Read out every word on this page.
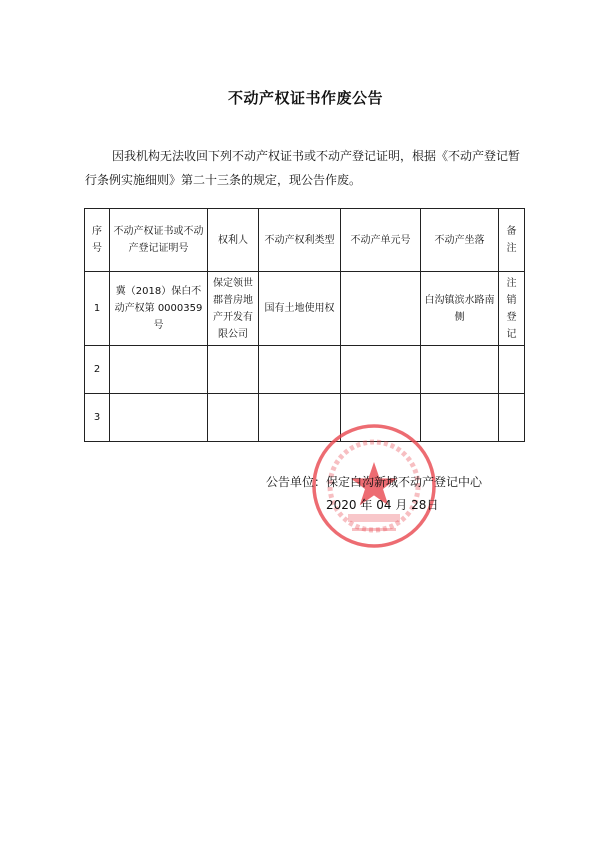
不动产权证书作废公告
因我机构无法收回下列不动产权证书或不动产登记证明，根据《不动产登记暂行条例实施细则》第二十三条的规定，现公告作废。
序号	不动产权证书或不动产登记证明号	权利人	不动产权利类型	不动产单元号	不动产坐落	备注
1	冀（2018）保白不动产权第 0000359 号	保定领世郡普房地产开发有限公司	国有土地使用权		白沟镇滨水路南侧	注销登记
2						
3						
公告单位：保定白沟新城不动产登记中心
2020 年 04 月 28日
